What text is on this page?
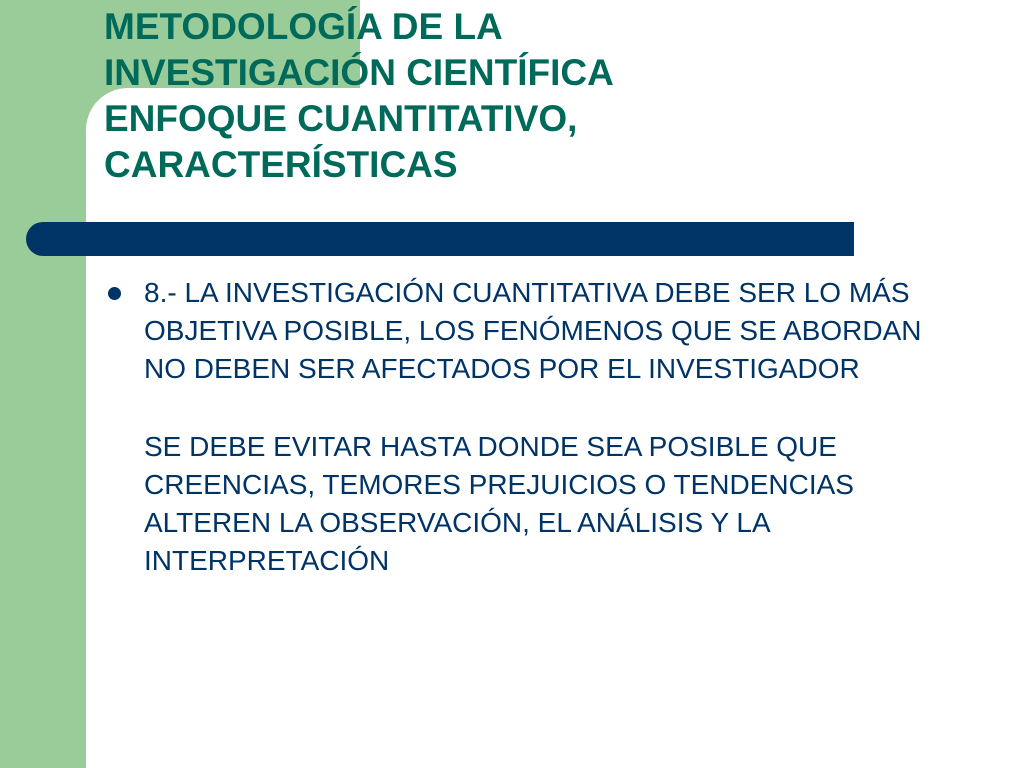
METODOLOGÍA DE LA
INVESTIGACIÓN CIENTÍFICA
ENFOQUE CUANTITATIVO,
CARACTERÍSTICAS

8.- LA INVESTIGACIÓN CUANTITATIVA DEBE SER LO MÁS OBJETIVA POSIBLE, LOS FENÓMENOS QUE SE ABORDAN NO DEBEN SER AFECTADOS POR EL INVESTIGADOR

SE DEBE EVITAR HASTA DONDE SEA POSIBLE QUE CREENCIAS, TEMORES PREJUICIOS O TENDENCIAS ALTEREN LA OBSERVACIÓN, EL ANÁLISIS Y LA INTERPRETACIÓN
